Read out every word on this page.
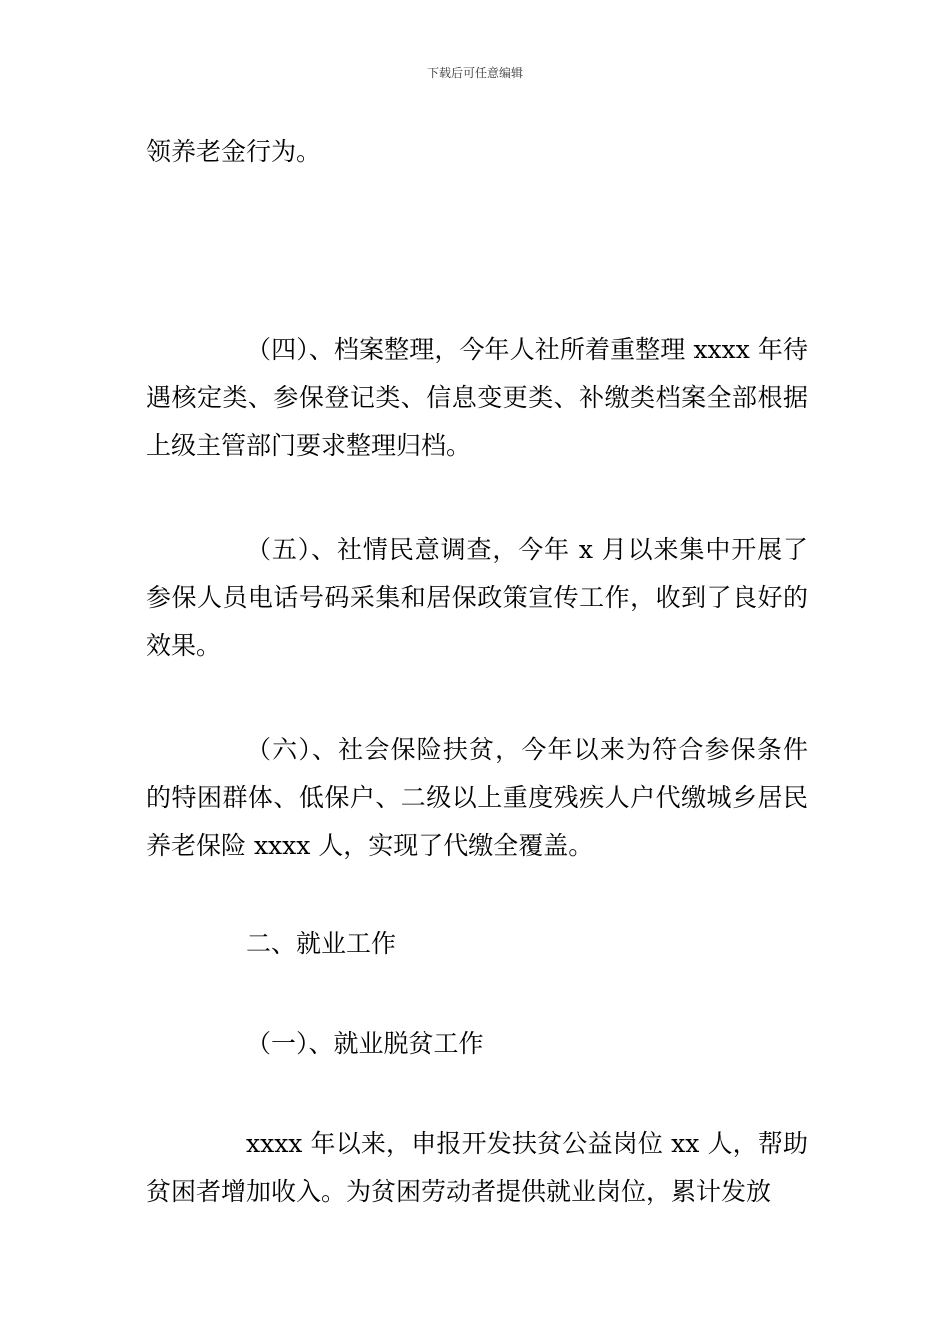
下载后可任意编辑

领养老金行为。

（四）、档案整理，今年人社所着重整理 xxxx 年待遇核定类、参保登记类、信息变更类、补缴类档案全部根据上级主管部门要求整理归档。

（五）、社情民意调查，今年 x 月以来集中开展了参保人员电话号码采集和居保政策宣传工作，收到了良好的效果。

（六）、社会保险扶贫，今年以来为符合参保条件的特困群体、低保户、二级以上重度残疾人户代缴城乡居民养老保险 xxxx 人，实现了代缴全覆盖。

二、就业工作

（一）、就业脱贫工作

xxxx 年以来，申报开发扶贫公益岗位 xx 人，帮助贫困者增加收入。为贫困劳动者提供就业岗位，累计发放
